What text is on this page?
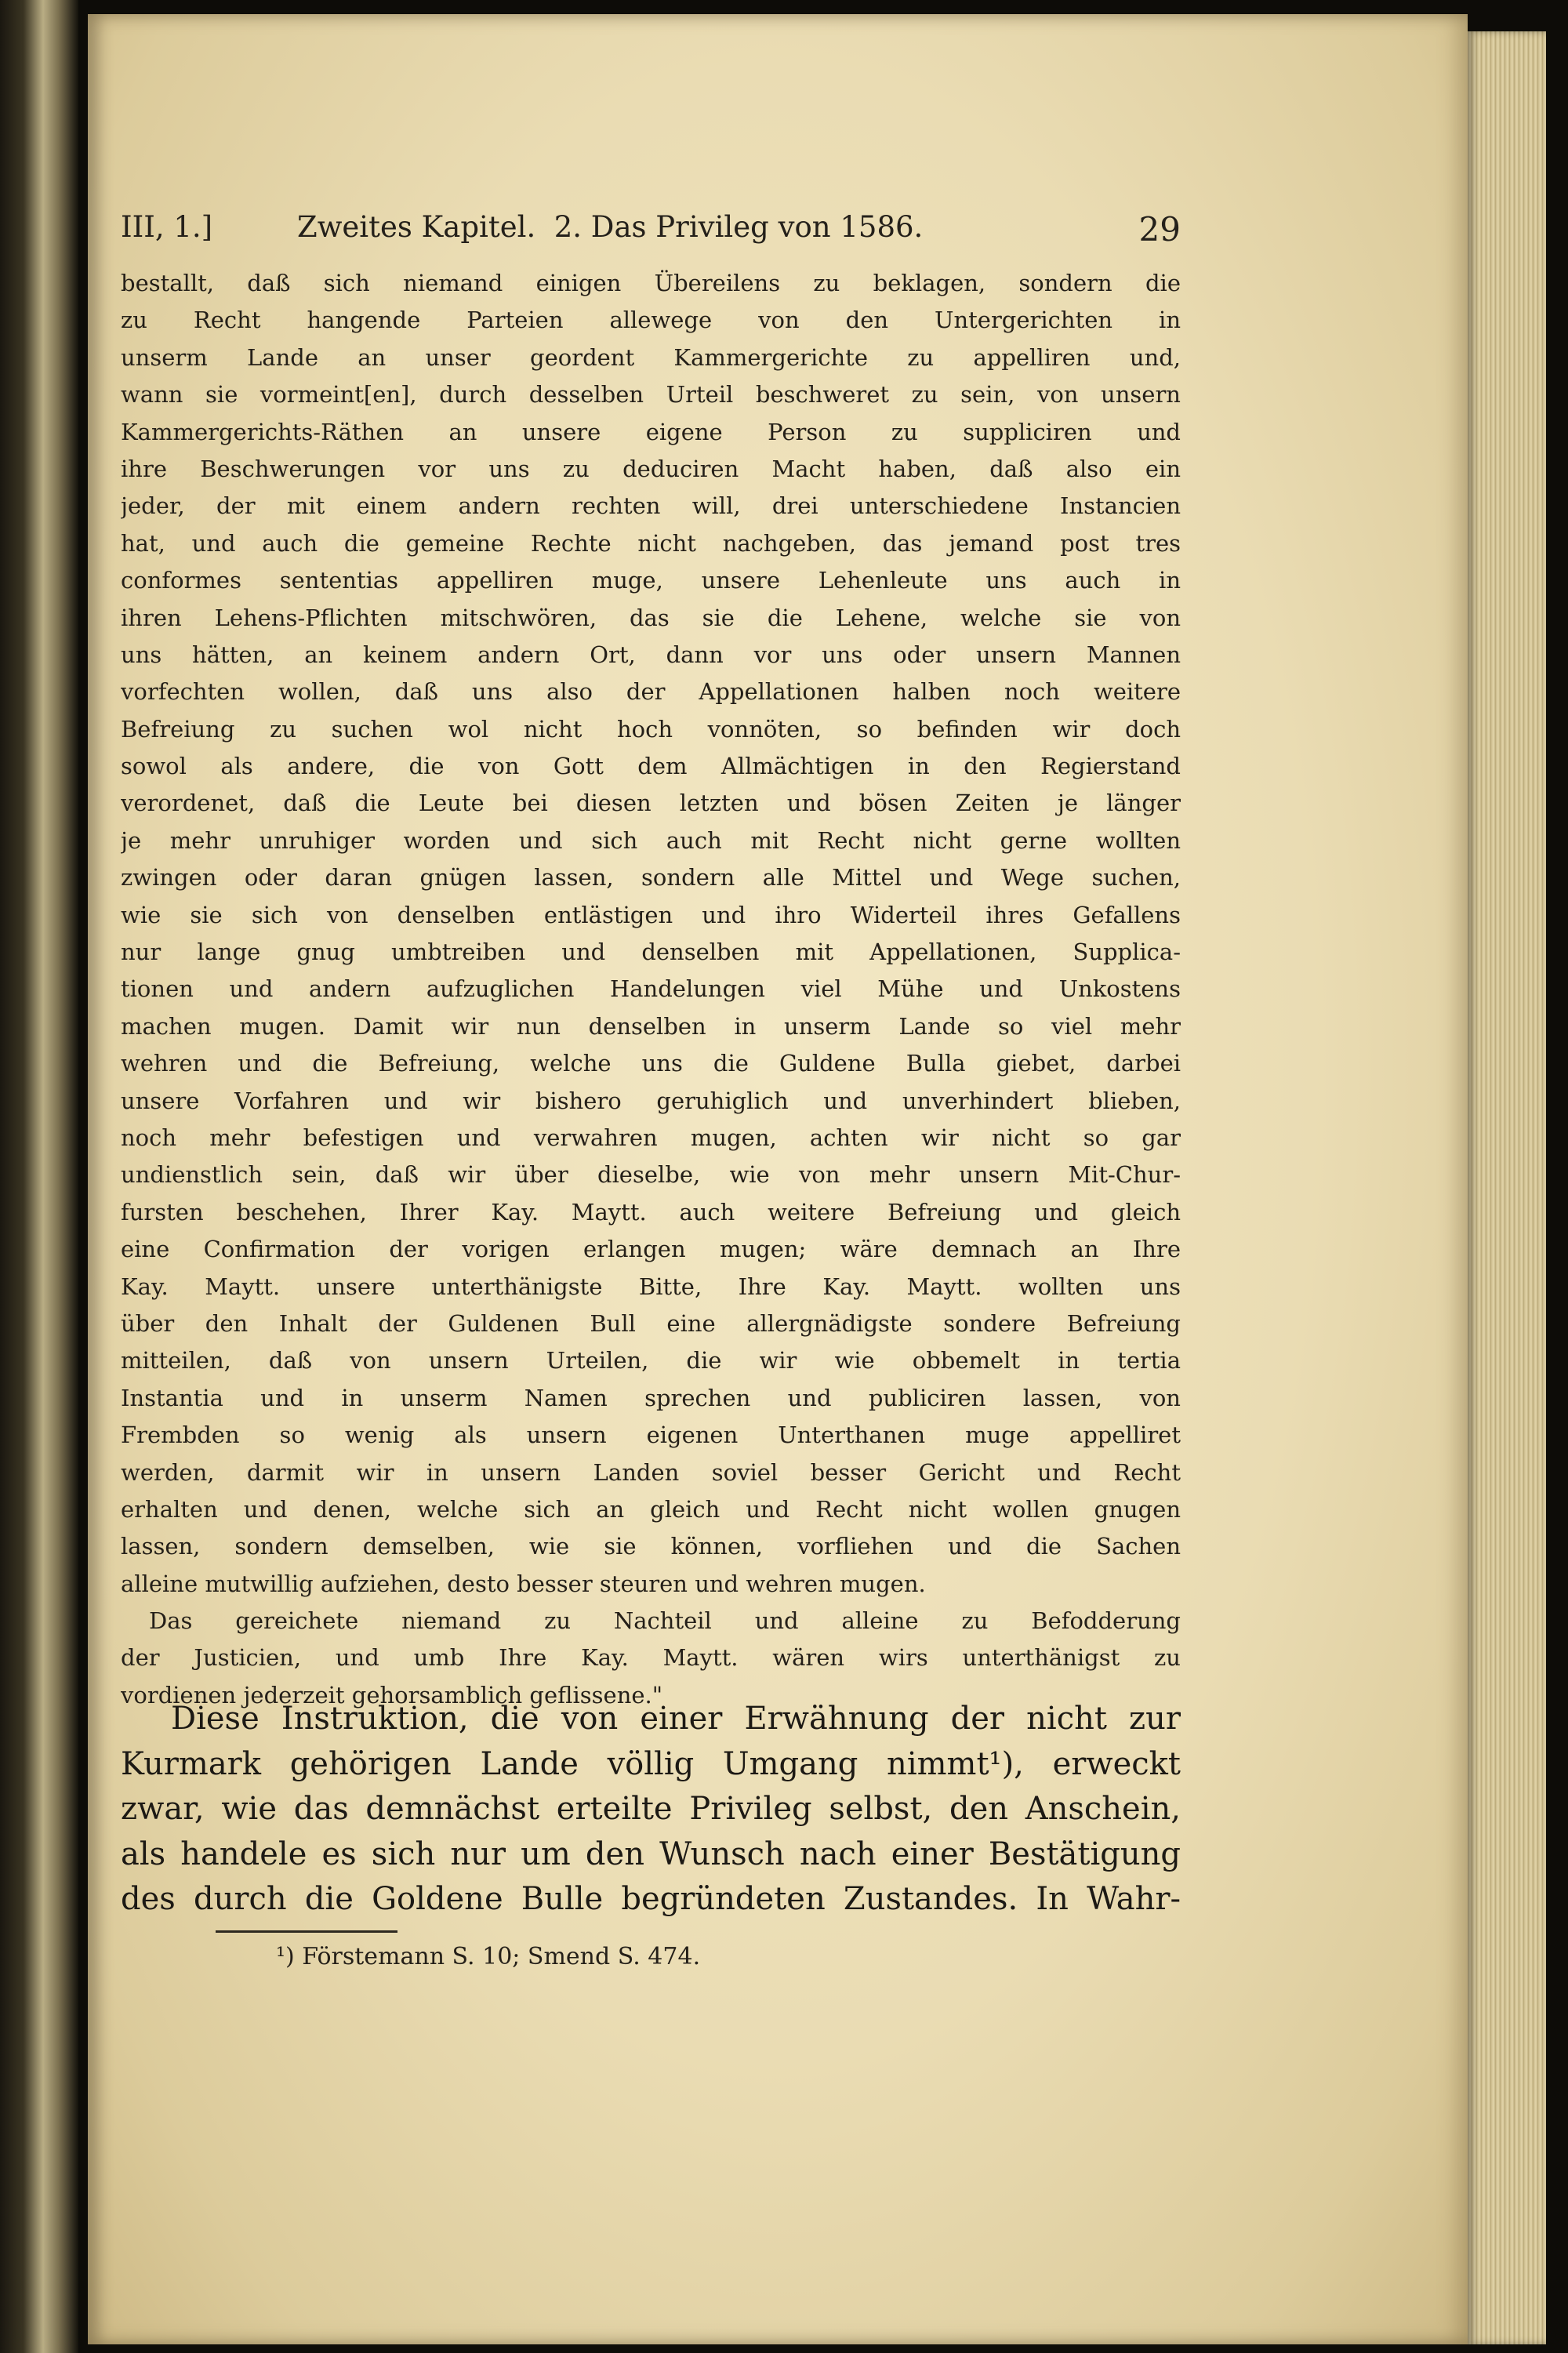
III, 1.]	Zweites Kapitel.  2. Das Privileg von 1586.	29
bestallt, daß sich niemand einigen Übereilens zu beklagen, sondern die
zu Recht hangende Parteien allewege von den Untergerichten in
unserm Lande an unser geordent Kammergerichte zu appelliren und,
wann sie vormeint[en], durch desselben Urteil beschweret zu sein, von unsern
Kammergerichts-Räthen an unsere eigene Person zu suppliciren und
ihre Beschwerungen vor uns zu deduciren Macht haben, daß also ein
jeder, der mit einem andern rechten will, drei unterschiedene Instancien
hat, und auch die gemeine Rechte nicht nachgeben, das jemand post tres
conformes sententias appelliren muge, unsere Lehenleute uns auch in
ihren Lehens-Pflichten mitschwören, das sie die Lehene, welche sie von
uns hätten, an keinem andern Ort, dann vor uns oder unsern Mannen
vorfechten wollen, daß uns also der Appellationen halben noch weitere
Befreiung zu suchen wol nicht hoch vonnöten, so befinden wir doch
sowol als andere, die von Gott dem Allmächtigen in den Regierstand
verordenet, daß die Leute bei diesen letzten und bösen Zeiten je länger
je mehr unruhiger worden und sich auch mit Recht nicht gerne wollten
zwingen oder daran gnügen lassen, sondern alle Mittel und Wege suchen,
wie sie sich von denselben entlästigen und ihro Widerteil ihres Gefallens
nur lange gnug umbtreiben und denselben mit Appellationen, Supplica-
tionen und andern aufzuglichen Handelungen viel Mühe und Unkostens
machen mugen. Damit wir nun denselben in unserm Lande so viel mehr
wehren und die Befreiung, welche uns die Guldene Bulla giebet, darbei
unsere Vorfahren und wir bishero geruhiglich und unverhindert blieben,
noch mehr befestigen und verwahren mugen, achten wir nicht so gar
undienstlich sein, daß wir über dieselbe, wie von mehr unsern Mit-Chur-
fursten beschehen, Ihrer Kay. Maytt. auch weitere Befreiung und gleich
eine Confirmation der vorigen erlangen mugen; wäre demnach an Ihre
Kay. Maytt. unsere unterthänigste Bitte, Ihre Kay. Maytt. wollten uns
über den Inhalt der Guldenen Bull eine allergnädigste sondere Befreiung
mitteilen, daß von unsern Urteilen, die wir wie obbemelt in tertia
Instantia und in unserm Namen sprechen und publiciren lassen, von
Frembden so wenig als unsern eigenen Unterthanen muge appelliret
werden, darmit wir in unsern Landen soviel besser Gericht und Recht
erhalten und denen, welche sich an gleich und Recht nicht wollen gnugen
lassen, sondern demselben, wie sie können, vorfliehen und die Sachen
alleine mutwillig aufziehen, desto besser steuren und wehren mugen.
Das gereichete niemand zu Nachteil und alleine zu Befodderung
der Justicien, und umb Ihre Kay. Maytt. wären wirs unterthänigst zu
vordienen jederzeit gehorsamblich geflissene."
Diese Instruktion, die von einer Erwähnung der nicht zur
Kurmark gehörigen Lande völlig Umgang nimmt¹), erweckt
zwar, wie das demnächst erteilte Privileg selbst, den Anschein,
als handele es sich nur um den Wunsch nach einer Bestätigung
des durch die Goldene Bulle begründeten Zustandes. In Wahr-
¹) Förstemann S. 10; Smend S. 474.
